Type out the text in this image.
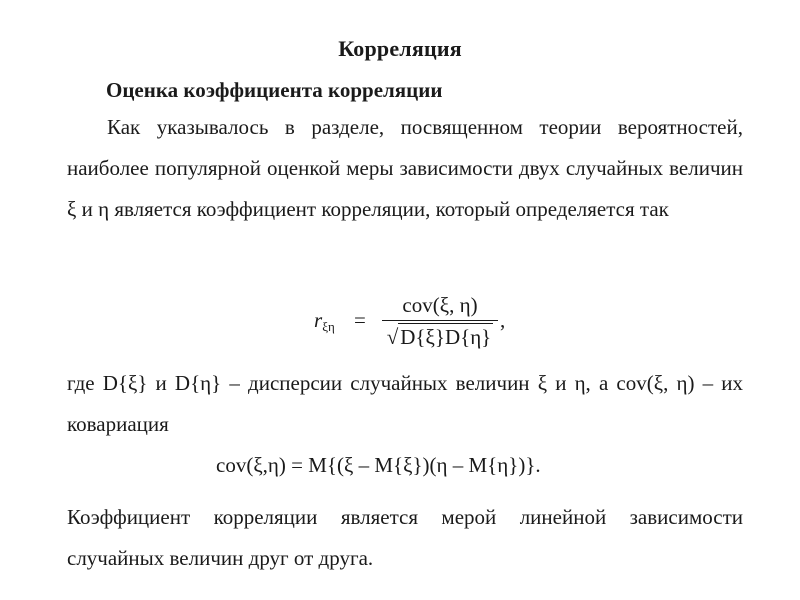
Корреляция
Оценка коэффициента корреляции
Как указывалось в разделе, посвященном теории вероятностей, наиболее популярной оценкой меры зависимости двух случайных величин ξ и η является коэффициент корреляции, который определяется так
$r_{\xi\eta}$ =
cov(ξ, η)
√D{ξ}D{η}
,
где D{ξ} и D{η} – дисперсии случайных величин ξ и η, а cov(ξ, η) – их ковариация
cov(ξ,η) = M{(ξ – M{ξ})(η – M{η})}.
Коэффициент корреляции является мерой линейной зависимости случайных величин друг от друга.
